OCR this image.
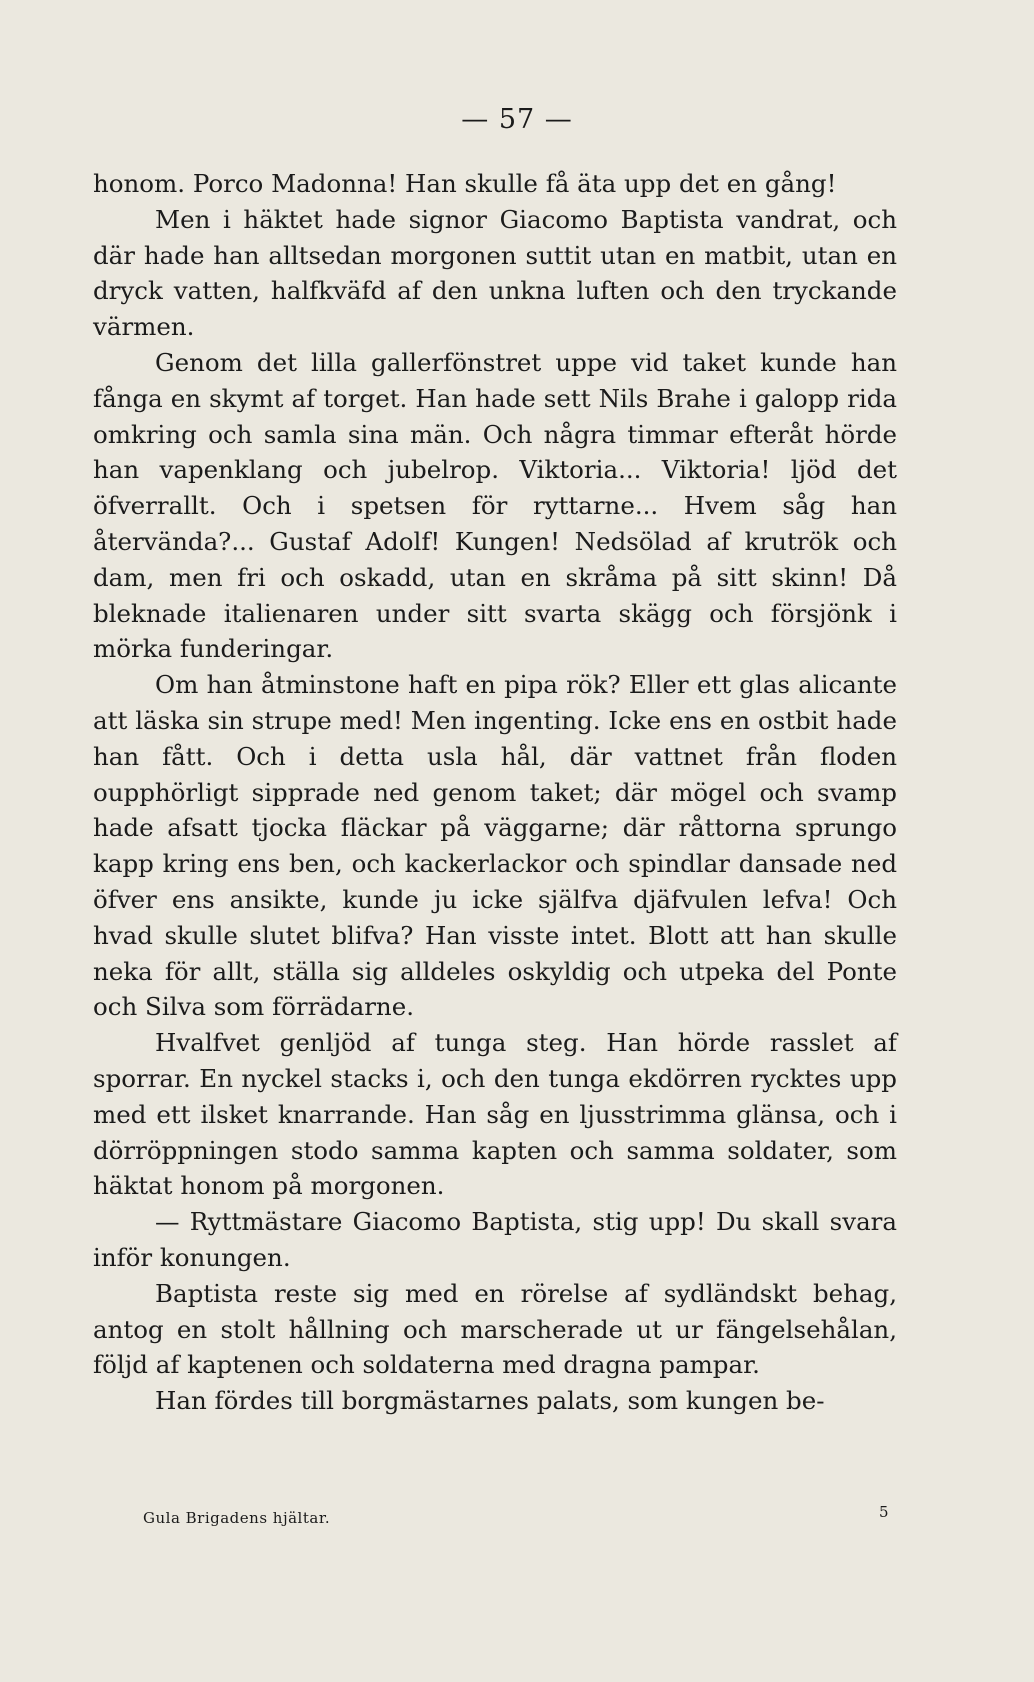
— 57 —

honom. Porco Madonna! Han skulle få äta upp det en gång!

Men i häktet hade signor Giacomo Baptista vandrat, och där hade han alltsedan morgonen suttit utan en matbit, utan en dryck vatten, halfkväfd af den unkna luften och den tryckande värmen.

Genom det lilla gallerfönstret uppe vid taket kunde han fånga en skymt af torget. Han hade sett Nils Brahe i galopp rida omkring och samla sina män. Och några timmar efteråt hörde han vapenklang och jubelrop. Viktoria... Viktoria! ljöd det öfverrallt. Och i spetsen för ryttarne... Hvem såg han återvända?... Gustaf Adolf! Kungen! Nedsölad af krutrök och dam, men fri och oskadd, utan en skråma på sitt skinn! Då bleknade italienaren under sitt svarta skägg och försjönk i mörka funderingar.

Om han åtminstone haft en pipa rök? Eller ett glas alicante att läska sin strupe med! Men ingenting. Icke ens en ostbit hade han fått. Och i detta usla hål, där vattnet från floden oupphörligt sipprade ned genom taket; där mögel och svamp hade afsatt tjocka fläckar på väggarne; där råttorna sprungo kapp kring ens ben, och kackerlackor och spindlar dansade ned öfver ens ansikte, kunde ju icke själfva djäfvulen lefva! Och hvad skulle slutet blifva? Han visste intet. Blott att han skulle neka för allt, ställa sig alldeles oskyldig och utpeka del Ponte och Silva som förrädarne.

Hvalfvet genljöd af tunga steg. Han hörde rasslet af sporrar. En nyckel stacks i, och den tunga ekdörren rycktes upp med ett ilsket knarrande. Han såg en ljusstrimma glänsa, och i dörröppningen stodo samma kapten och samma soldater, som häktat honom på morgonen.

— Ryttmästare Giacomo Baptista, stig upp! Du skall svara inför konungen.

Baptista reste sig med en rörelse af sydländskt behag, antog en stolt hållning och marscherade ut ur fängelsehålan, följd af kaptenen och soldaterna med dragna pampar.

Han fördes till borgmästarnes palats, som kungen be-

Gula Brigadens hjältar.	5
